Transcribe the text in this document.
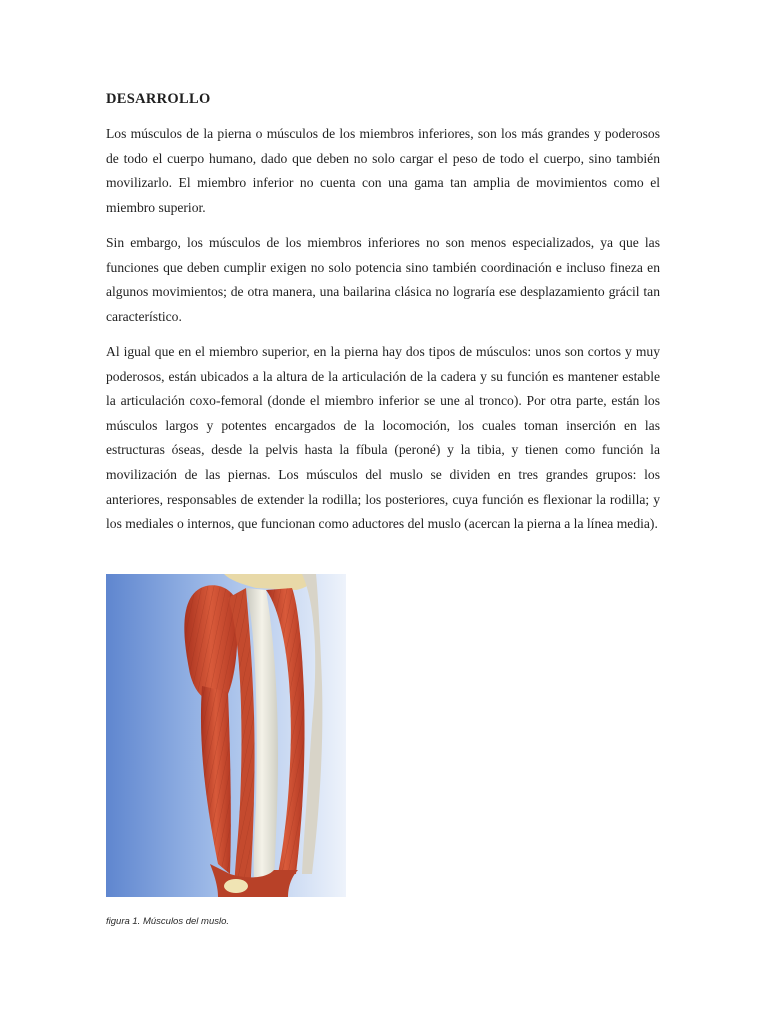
DESARROLLO

Los músculos de la pierna o músculos de los miembros inferiores, son los más grandes y poderosos de todo el cuerpo humano, dado que deben no solo cargar el peso de todo el cuerpo, sino también movilizarlo. El miembro inferior no cuenta con una gama tan amplia de movimientos como el miembro superior.

Sin embargo, los músculos de los miembros inferiores no son menos especializados, ya que las funciones que deben cumplir exigen no solo potencia sino también coordinación e incluso fineza en algunos movimientos; de otra manera, una bailarina clásica no lograría ese desplazamiento grácil tan característico.

Al igual que en el miembro superior, en la pierna hay dos tipos de músculos: unos son cortos y muy poderosos, están ubicados a la altura de la articulación de la cadera y su función es mantener estable la articulación coxo-femoral (donde el miembro inferior se une al tronco). Por otra parte, están los músculos largos y potentes encargados de la locomoción, los cuales toman inserción en las estructuras óseas, desde la pelvis hasta la fíbula (peroné) y la tibia, y tienen como función la movilización de las piernas. Los músculos del muslo se dividen en tres grandes grupos: los anteriores, responsables de extender la rodilla; los posteriores, cuya función es flexionar la rodilla; y los mediales o internos, que funcionan como aductores del muslo (acercan la pierna a la línea media).

figura 1. Músculos del muslo.
